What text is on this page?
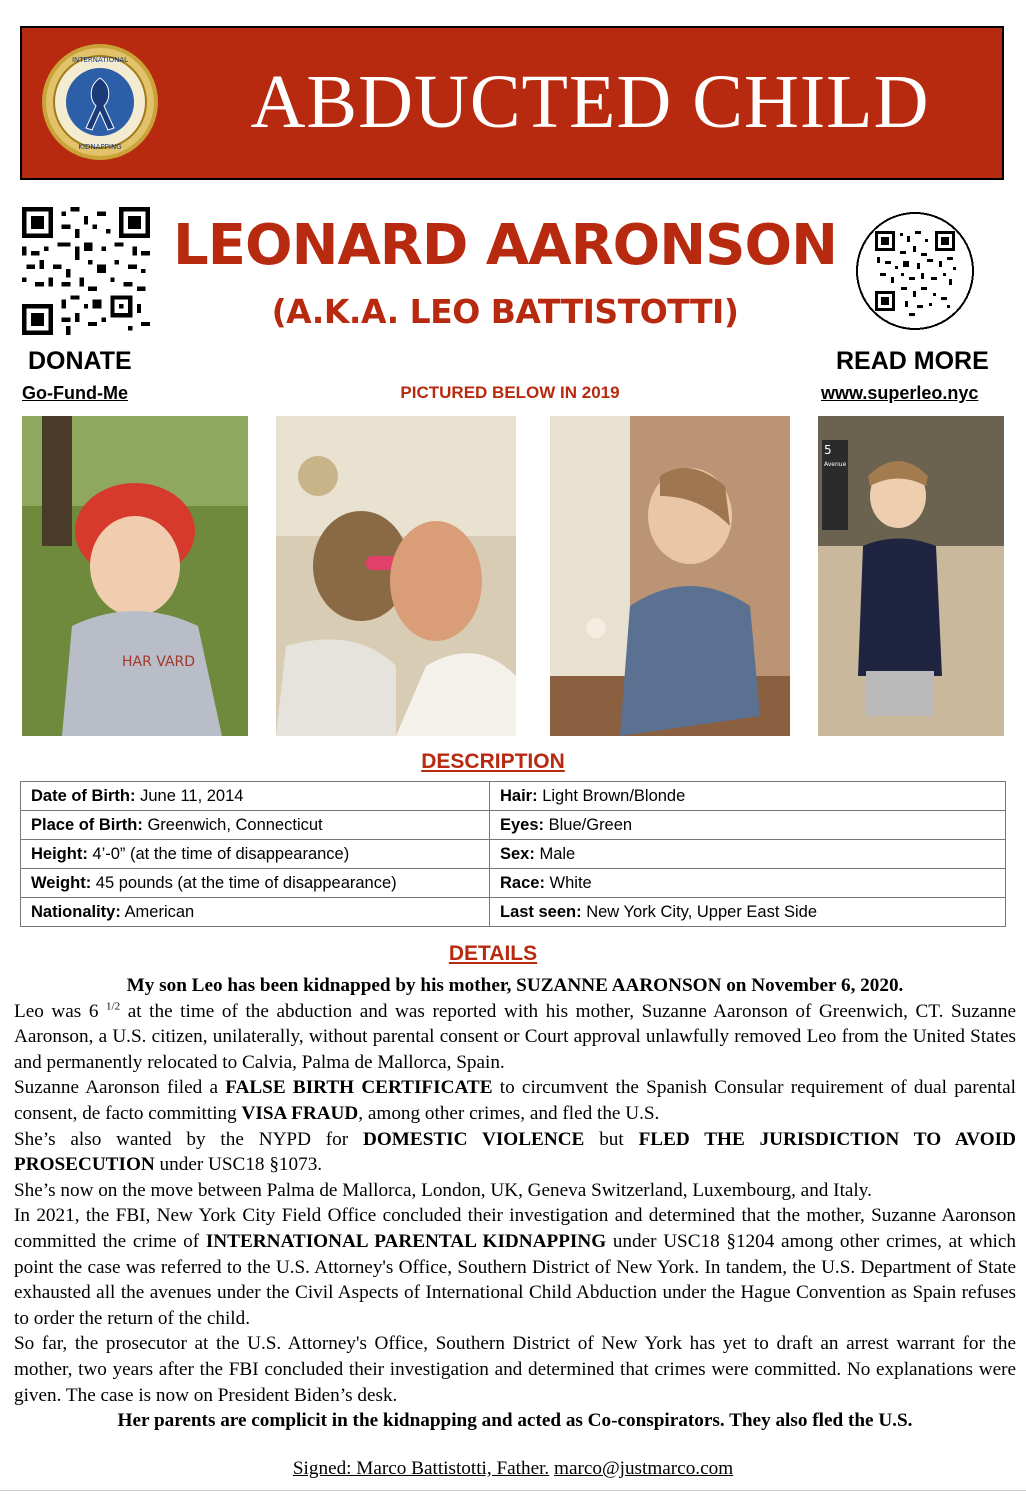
INTERNATIONAL
KIDNAPPING
ABDUCTED CHILD
LEONARD AARONSON
(A.K.A. LEO BATTISTOTTI)
DONATE
Go-Fund-Me
READ MORE
www.superleo.nyc
PICTURED BELOW IN 2019
HAR VARD
5
Avenue
DESCRIPTION
Date of Birth: June 11, 2014	Hair: Light Brown/Blonde
Place of Birth: Greenwich, Connecticut	Eyes: Blue/Green
Height: 4’-0” (at the time of disappearance)	Sex: Male
Weight: 45 pounds (at the time of disappearance)	Race: White
Nationality: American	Last seen: New York City, Upper East Side
DETAILS

My son Leo has been kidnapped by his mother, SUZANNE AARONSON on November 6, 2020.

Leo was 6 $^{1/2}$ at the time of the abduction and was reported with his mother, Suzanne Aaronson of Greenwich, CT. Suzanne Aaronson, a U.S. citizen, unilaterally, without parental consent or Court approval unlawfully removed Leo from the United States and permanently relocated to Calvia, Palma de Mallorca, Spain.

Suzanne Aaronson filed a FALSE BIRTH CERTIFICATE to circumvent the Spanish Consular requirement of dual parental consent, de facto committing VISA FRAUD, among other crimes, and fled the U.S.

She’s also wanted by the NYPD for DOMESTIC VIOLENCE but FLED THE JURISDICTION TO AVOID PROSECUTION under USC18 §1073.

She’s now on the move between Palma de Mallorca, London, UK, Geneva Switzerland, Luxembourg, and Italy.

In 2021, the FBI, New York City Field Office concluded their investigation and determined that the mother, Suzanne Aaronson committed the crime of INTERNATIONAL PARENTAL KIDNAPPING under USC18 §1204 among other crimes, at which point the case was referred to the U.S. Attorney's Office, Southern District of New York. In tandem, the U.S. Department of State exhausted all the avenues under the Civil Aspects of International Child Abduction under the Hague Convention as Spain refuses to order the return of the child.

So far, the prosecutor at the U.S. Attorney's Office, Southern District of New York has yet to draft an arrest warrant for the mother, two years after the FBI concluded their investigation and determined that crimes were committed. No explanations were given. The case is now on President Biden’s desk.

Her parents are complicit in the kidnapping and acted as Co-conspirators. They also fled the U.S.

Signed: Marco Battistotti, Father. marco@justmarco.com
